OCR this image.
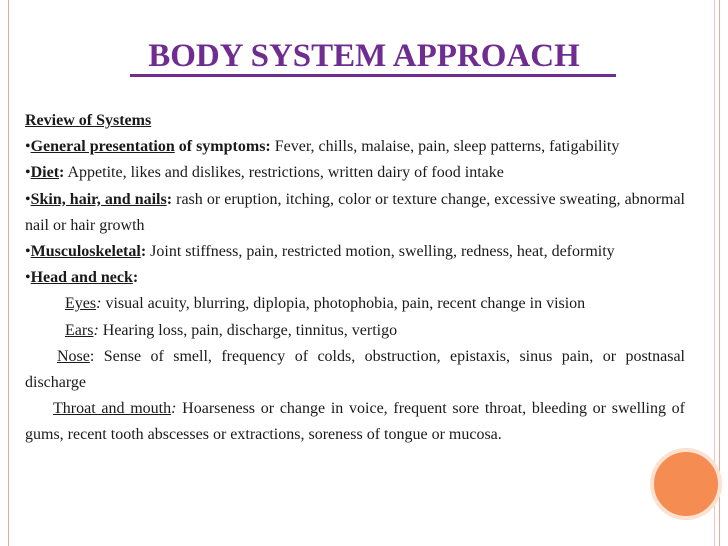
BODY SYSTEM APPROACH

Review of Systems

•General presentation of symptoms: Fever, chills, malaise, pain, sleep patterns, fatigability

•Diet: Appetite, likes and dislikes, restrictions, written dairy of food intake

•Skin, hair, and nails: rash or eruption, itching, color or texture change, excessive sweating, abnormal nail or hair growth

•Musculoskeletal: Joint stiffness, pain, restricted motion, swelling, redness, heat, deformity

•Head and neck:

Eyes: visual acuity, blurring, diplopia, photophobia, pain, recent change in vision

Ears: Hearing loss, pain, discharge, tinnitus, vertigo

Nose: Sense of smell, frequency of colds, obstruction, epistaxis, sinus pain, or postnasal discharge

Throat and mouth: Hoarseness or change in voice, frequent sore throat, bleeding or swelling of gums, recent tooth abscesses or extractions, soreness of tongue or mucosa.
